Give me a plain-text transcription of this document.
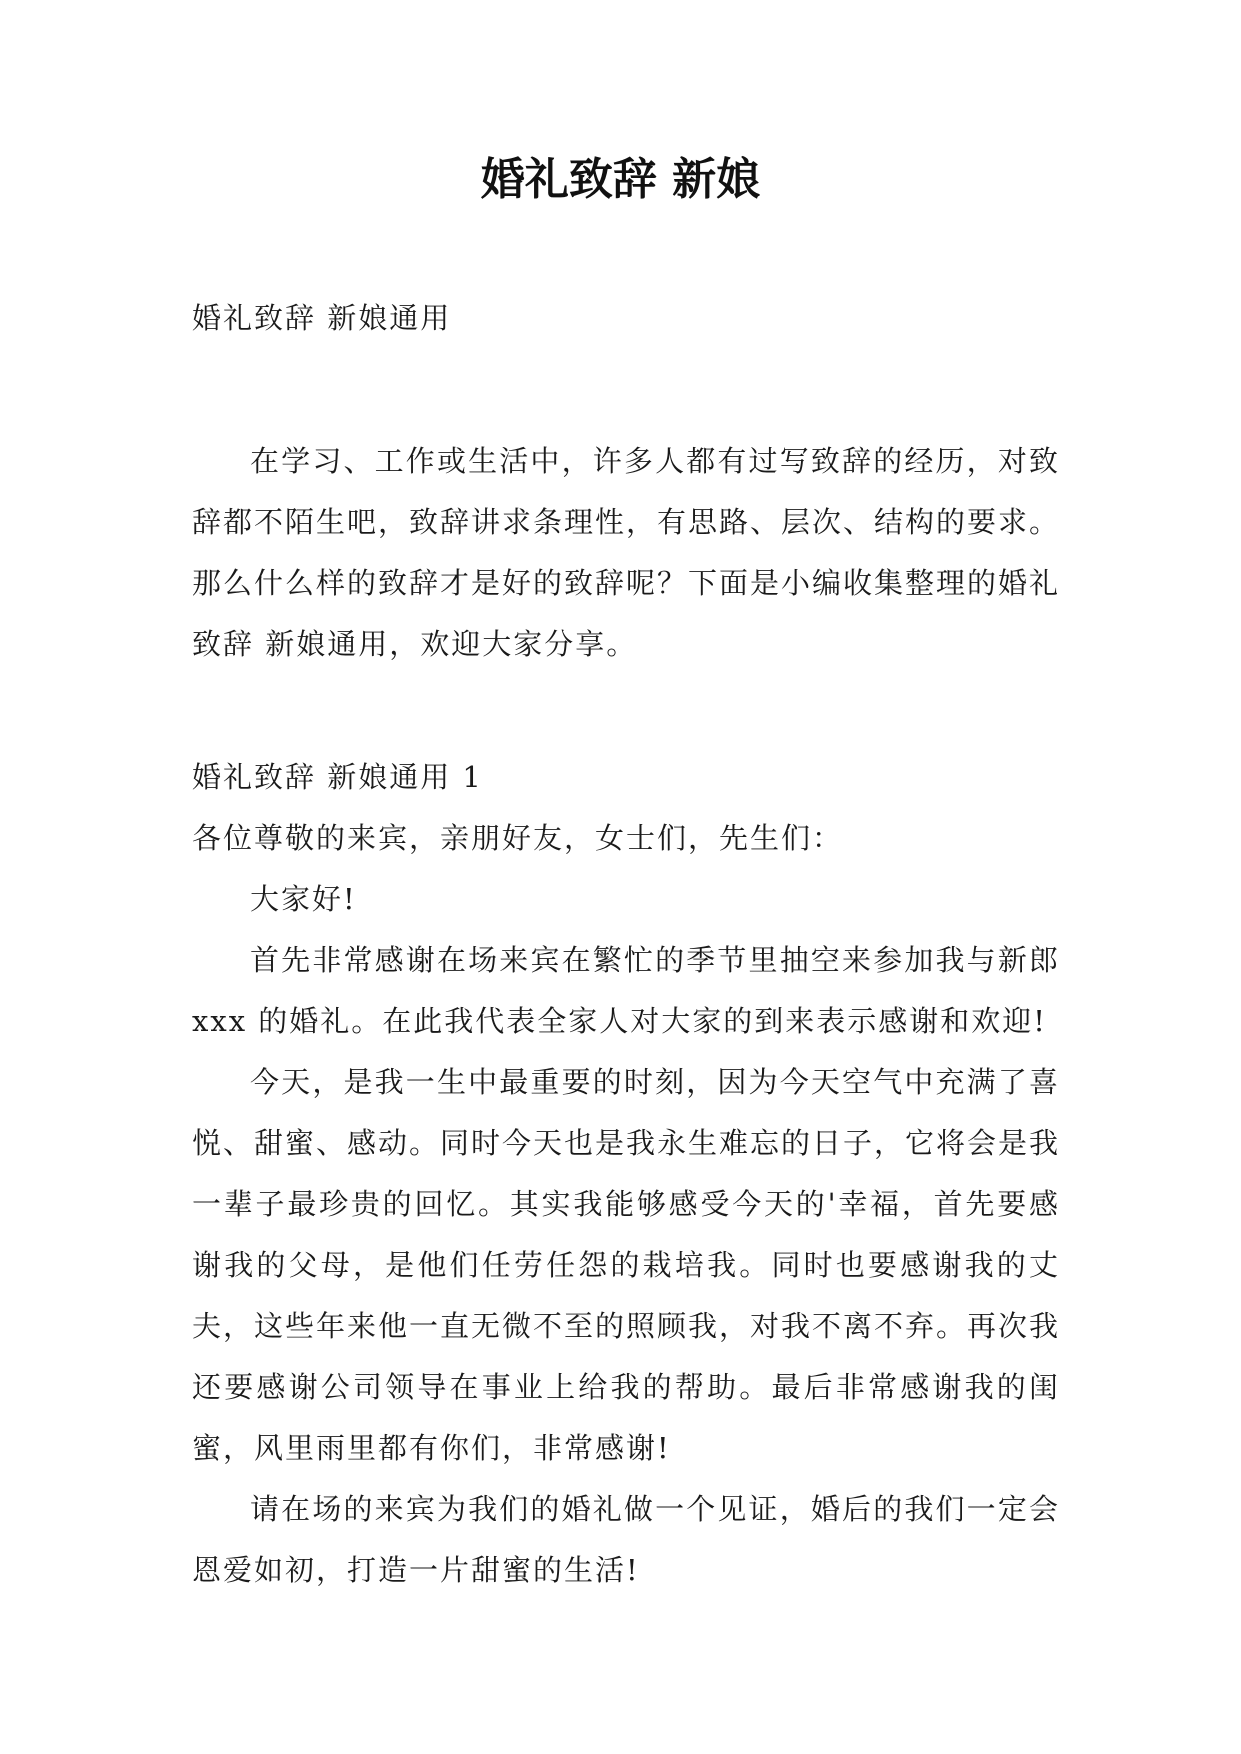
婚礼致辞 新娘

婚礼致辞 新娘通用

在学习、工作或生活中，许多人都有过写致辞的经历，对致辞都不陌生吧，致辞讲求条理性，有思路、层次、结构的要求。那么什么样的致辞才是好的致辞呢？下面是小编收集整理的婚礼致辞 新娘通用，欢迎大家分享。

婚礼致辞 新娘通用 1

各位尊敬的来宾，亲朋好友，女士们，先生们：

大家好!

首先非常感谢在场来宾在繁忙的季节里抽空来参加我与新郎 xxx 的婚礼。在此我代表全家人对大家的到来表示感谢和欢迎!

今天，是我一生中最重要的时刻，因为今天空气中充满了喜悦、甜蜜、感动。同时今天也是我永生难忘的日子，它将会是我一辈子最珍贵的回忆。其实我能够感受今天的'幸福，首先要感谢我的父母，是他们任劳任怨的栽培我。同时也要感谢我的丈夫，这些年来他一直无微不至的照顾我，对我不离不弃。再次我还要感谢公司领导在事业上给我的帮助。最后非常感谢我的闺蜜，风里雨里都有你们，非常感谢!

请在场的来宾为我们的婚礼做一个见证，婚后的我们一定会恩爱如初，打造一片甜蜜的生活!
